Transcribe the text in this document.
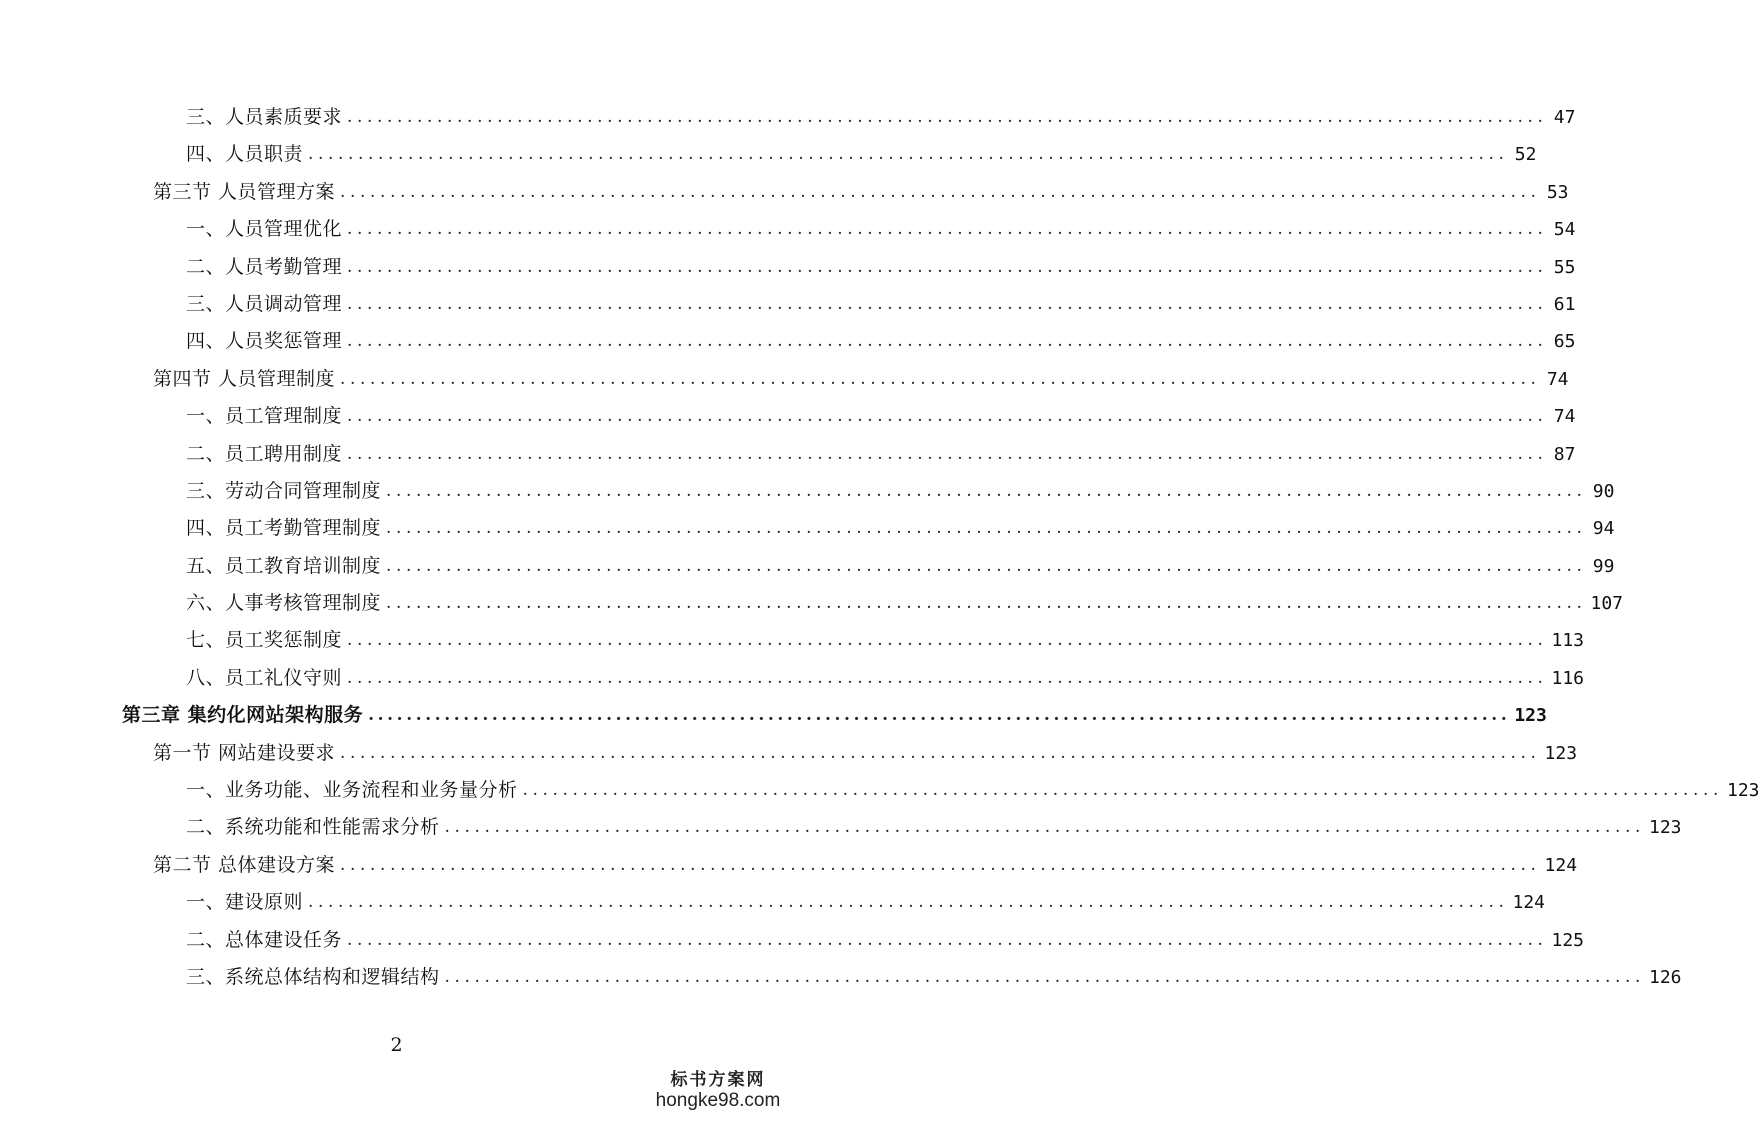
三、人员素质要求 ........................................................................................................................ 47
四、人员职责 ........................................................................................................................ 52
第三节 人员管理方案 ........................................................................................................................ 53
一、人员管理优化 ........................................................................................................................ 54
二、人员考勤管理 ........................................................................................................................ 55
三、人员调动管理 ........................................................................................................................ 61
四、人员奖惩管理 ........................................................................................................................ 65
第四节 人员管理制度 ........................................................................................................................ 74
一、员工管理制度 ........................................................................................................................ 74
二、员工聘用制度 ........................................................................................................................ 87
三、劳动合同管理制度 ........................................................................................................................ 90
四、员工考勤管理制度 ........................................................................................................................ 94
五、员工教育培训制度 ........................................................................................................................ 99
六、人事考核管理制度 ........................................................................................................................ 107
七、员工奖惩制度 ........................................................................................................................ 113
八、员工礼仪守则 ........................................................................................................................ 116
第三章 集约化网站架构服务 ........................................................................................................................ 123
第一节 网站建设要求 ........................................................................................................................ 123
一、业务功能、业务流程和业务量分析 ........................................................................................................................ 123
二、系统功能和性能需求分析 ........................................................................................................................ 123
第二节 总体建设方案 ........................................................................................................................ 124
一、建设原则 ........................................................................................................................ 124
二、总体建设任务 ........................................................................................................................ 125
三、系统总体结构和逻辑结构 ........................................................................................................................ 126
2
标书方案网
hongke98.com
